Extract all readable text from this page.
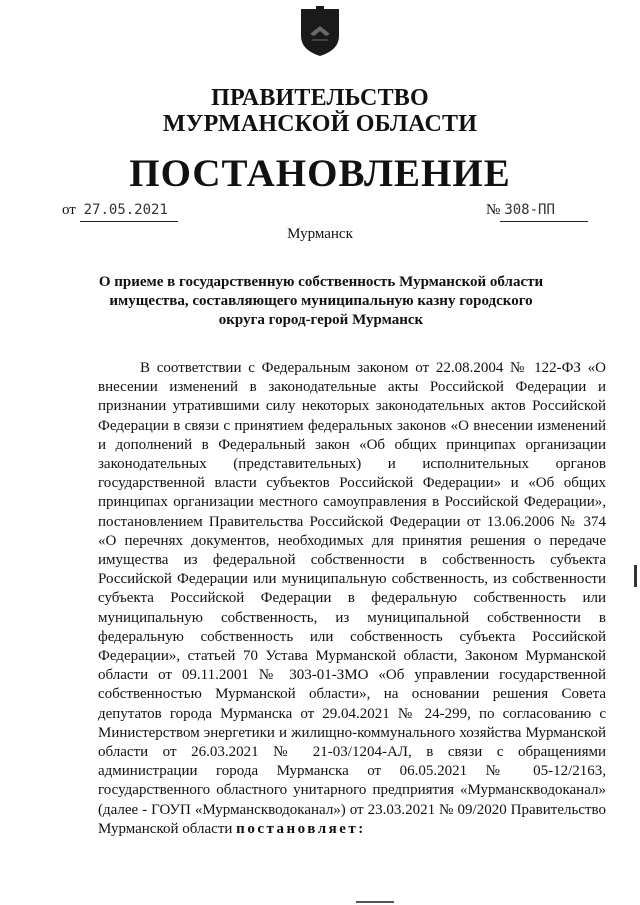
ПРАВИТЕЛЬСТВО
МУРМАНСКОЙ ОБЛАСТИ
ПОСТАНОВЛЕНИЕ
от 27.05.2021	№ 308-ПП
Мурманск
О приеме в государственную собственность Мурманской области имущества, составляющего муниципальную казну городского округа город-герой Мурманск

В соответствии с Федеральным законом от 22.08.2004 № 122-ФЗ «О внесении изменений в законодательные акты Российской Федерации и признании утратившими силу некоторых законодательных актов Российской Федерации в связи с принятием федеральных законов «О внесении изменений и дополнений в Федеральный закон «Об общих принципах организации законодательных (представительных) и исполнительных органов государственной власти субъектов Российской Федерации» и «Об общих принципах организации местного самоуправления в Российской Федерации», постановлением Правительства Российской Федерации от 13.06.2006 № 374 «О перечнях документов, необходимых для принятия решения о передаче имущества из федеральной собственности в собственность субъекта Российской Федерации или муниципальную собственность, из собственности субъекта Российской Федерации в федеральную собственность или муниципальную собственность, из муниципальной собственности в федеральную собственность или собственность субъекта Российской Федерации», статьей 70 Устава Мурманской области, Законом Мурманской области от 09.11.2001 № 303-01-ЗМО «Об управлении государственной собственностью Мурманской области», на основании решения Совета депутатов города Мурманска от 29.04.2021 № 24-299, по согласованию с Министерством энергетики и жилищно-коммунального хозяйства Мурманской области от 26.03.2021 № 21-03/1204-АЛ, в связи с обращениями администрации города Мурманска от 06.05.2021 № 05-12/2163, государственного областного унитарного предприятия «Мурманскводоканал» (далее - ГОУП «Мурманскводоканал») от 23.03.2021 № 09/2020 Правительство Мурманской области постановляет:
